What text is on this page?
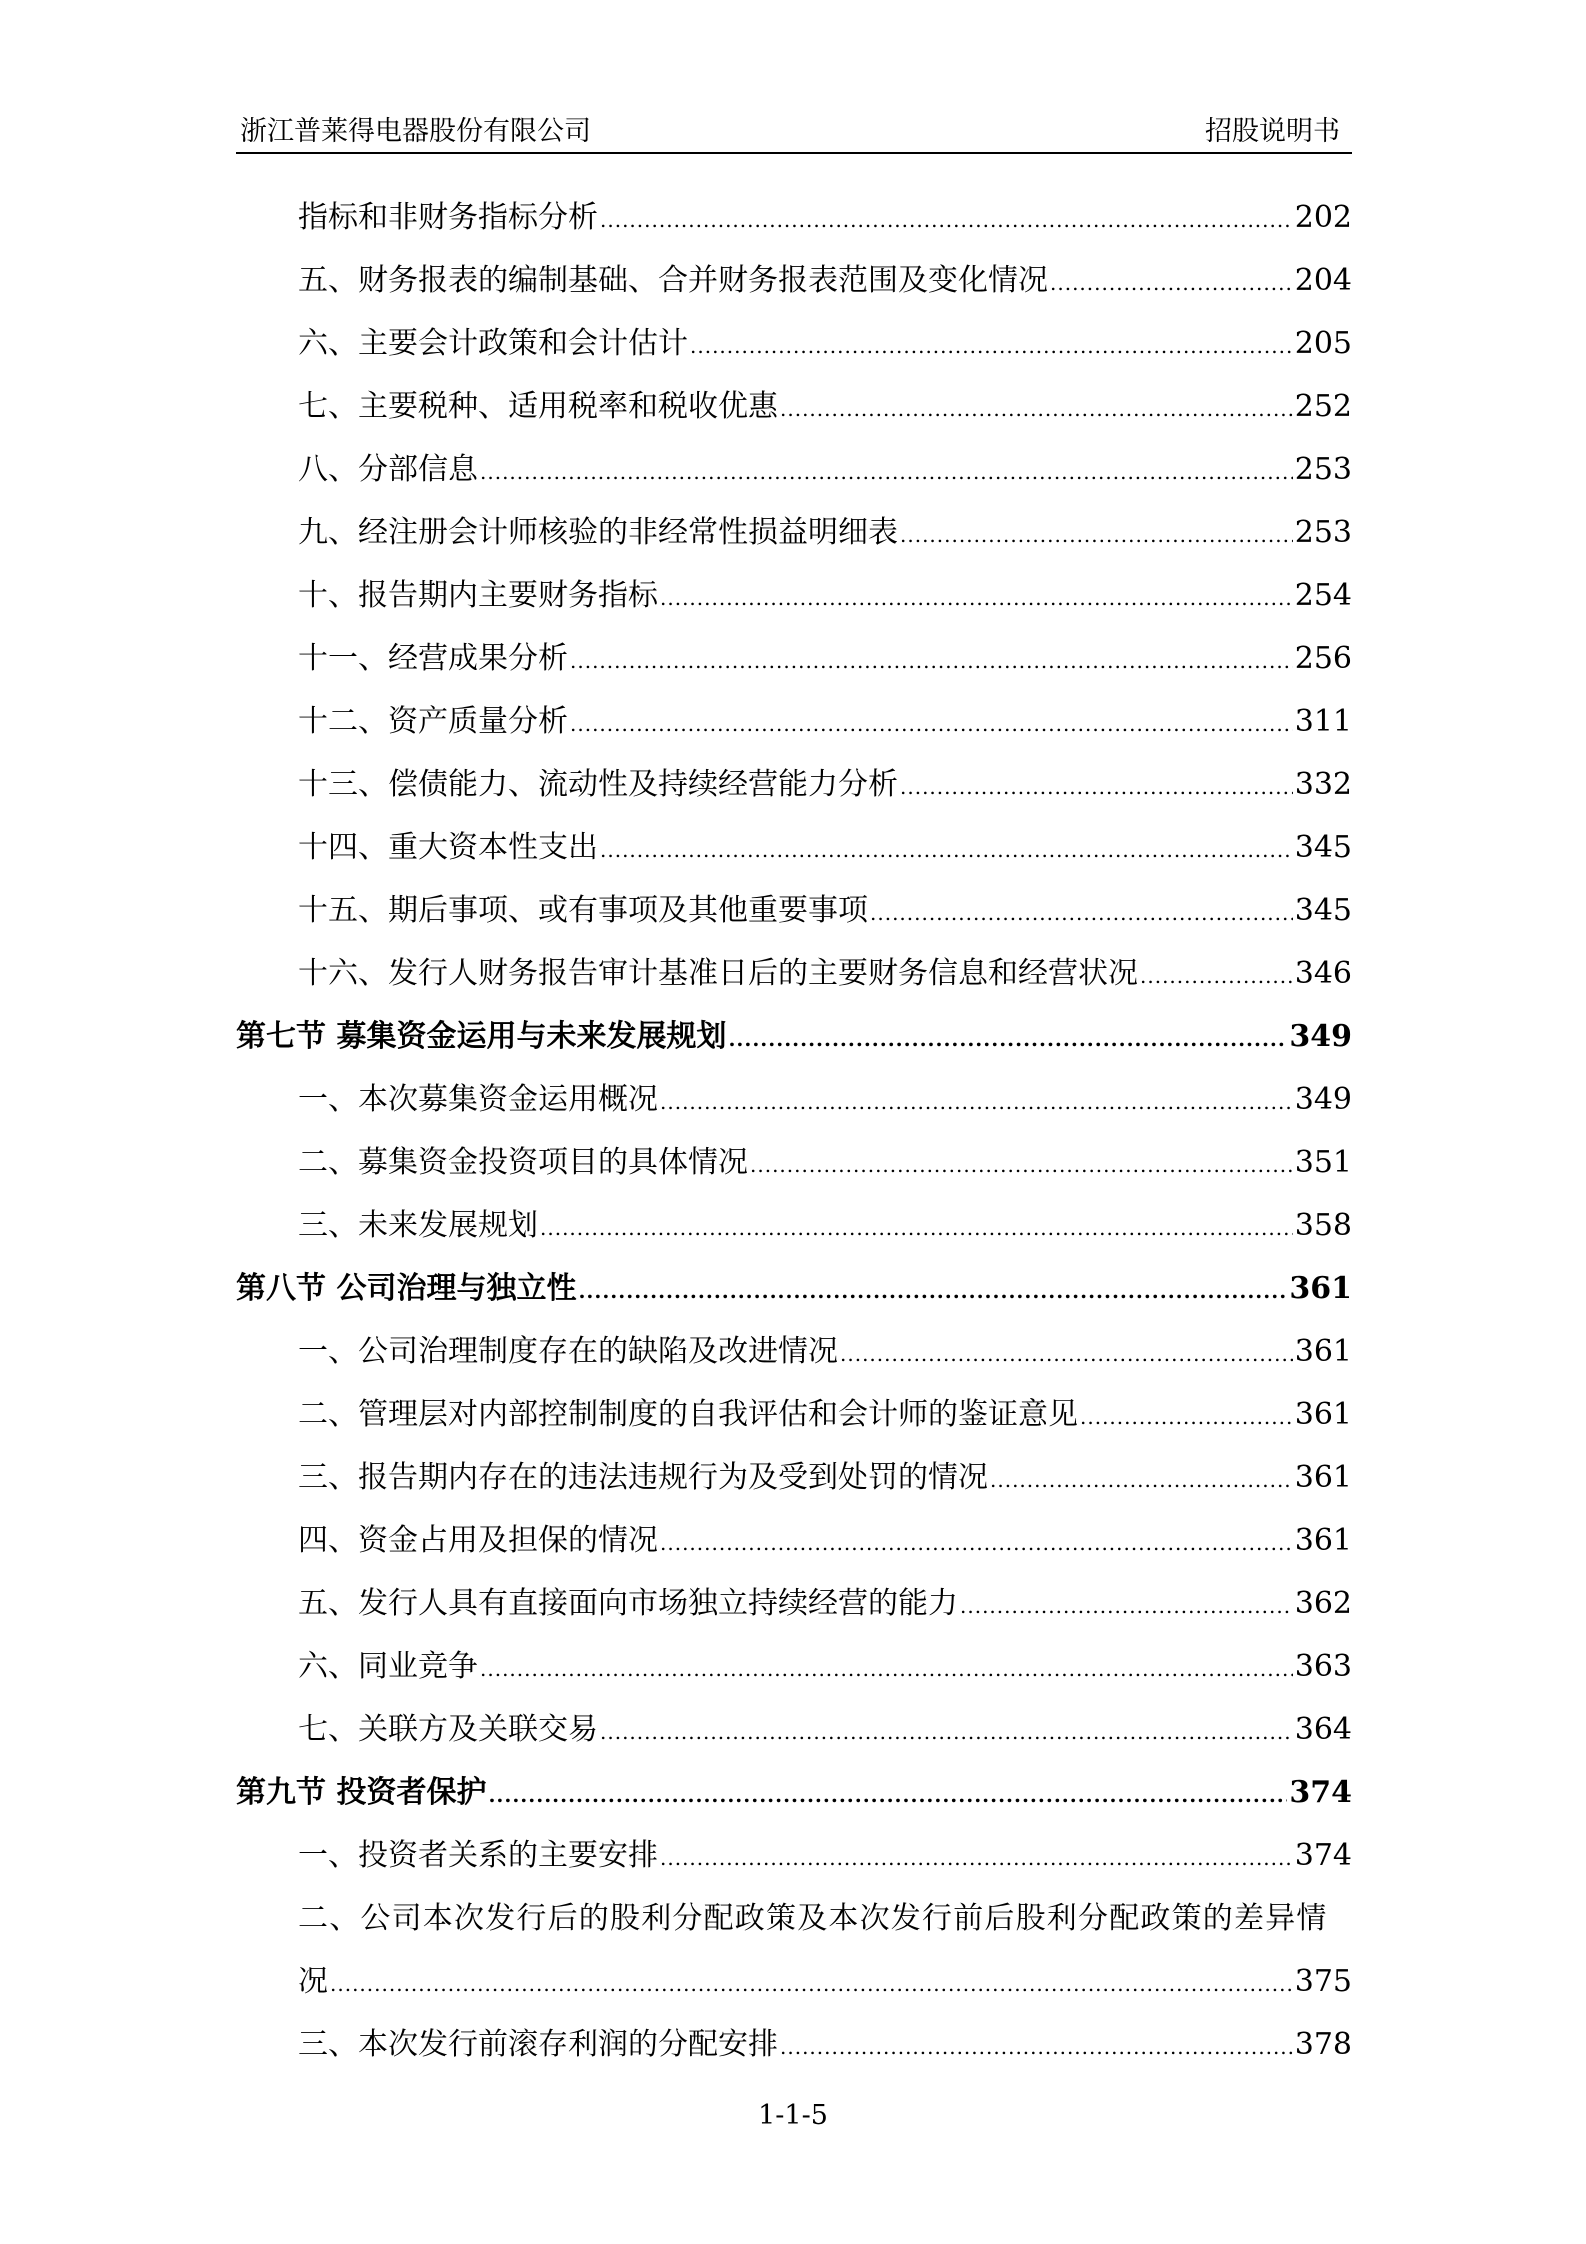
浙江普莱得电器股份有限公司	招股说明书
指标和非财务指标分析 .....	202
五、财务报表的编制基础、合并财务报表范围及变化情况 .....	204
六、主要会计政策和会计估计 .....	205
七、主要税种、适用税率和税收优惠 .....	252
八、分部信息 .....	253
九、经注册会计师核验的非经常性损益明细表 .....	253
十、报告期内主要财务指标 .....	254
十一、经营成果分析 .....	256
十二、资产质量分析 .....	311
十三、偿债能力、流动性及持续经营能力分析 .....	332
十四、重大资本性支出 .....	345
十五、期后事项、或有事项及其他重要事项 .....	345
十六、发行人财务报告审计基准日后的主要财务信息和经营状况 .....	346
第七节 募集资金运用与未来发展规划 .....	349
一、本次募集资金运用概况 .....	349
二、募集资金投资项目的具体情况 .....	351
三、未来发展规划 .....	358
第八节 公司治理与独立性 .....	361
一、公司治理制度存在的缺陷及改进情况 .....	361
二、管理层对内部控制制度的自我评估和会计师的鉴证意见 .....	361
三、报告期内存在的违法违规行为及受到处罚的情况 .....	361
四、资金占用及担保的情况 .....	361
五、发行人具有直接面向市场独立持续经营的能力 .....	362
六、同业竞争 .....	363
七、关联方及关联交易 .....	364
第九节 投资者保护 .....	374
一、投资者关系的主要安排 .....	374
二、公司本次发行后的股利分配政策及本次发行前后股利分配政策的差异情
况 .....	375
三、本次发行前滚存利润的分配安排 .....	378
1-1-5
